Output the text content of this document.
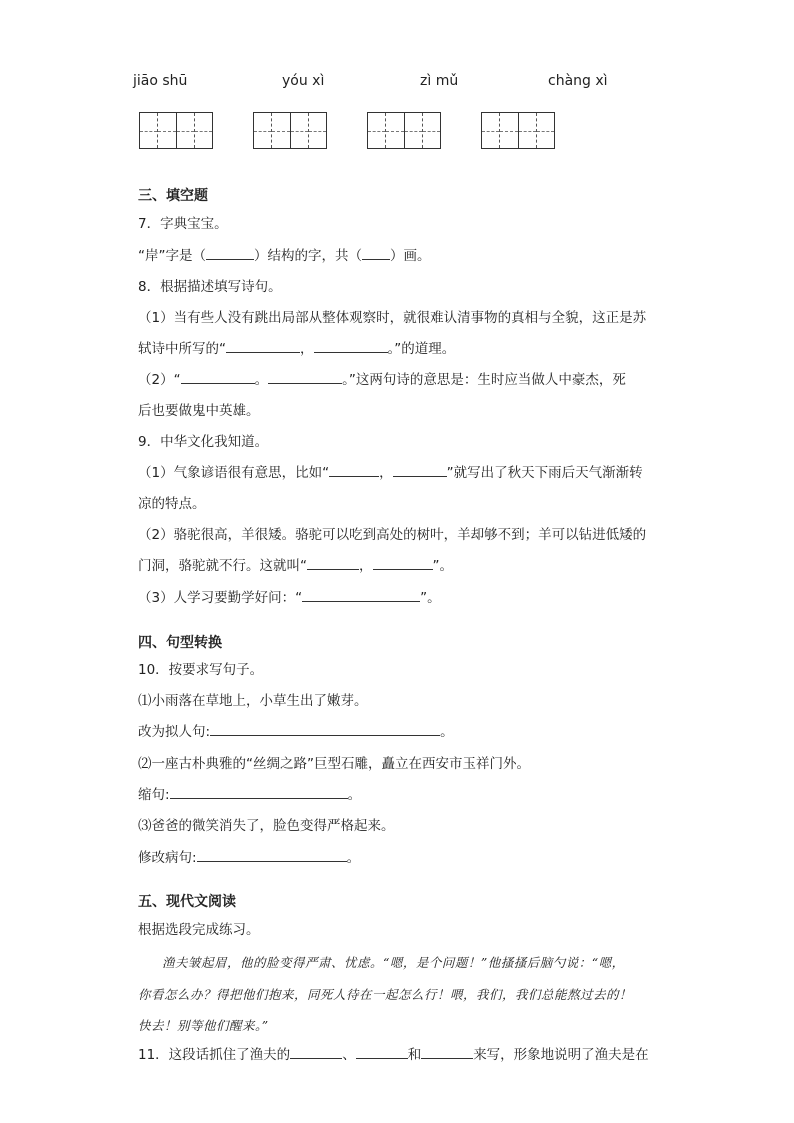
jiāo shū	yóu xì	zì mǔ	chàng xì
三、填空题
7．字典宝宝。
“岸”字是（	）结构的字，共（ ）画。
8．根据描述填写诗句。
（1）当有些人没有跳出局部从整体观察时，就很难认清事物的真相与全貌，这正是苏
轼诗中所写的“	，	。”的道理。
（2）“	。	。”这两句诗的意思是：生时应当做人中豪杰，死
后也要做鬼中英雄。
9．中华文化我知道。
（1）气象谚语很有意思，比如“	，	”就写出了秋天下雨后天气渐渐转
凉的特点。
（2）骆驼很高，羊很矮。骆驼可以吃到高处的树叶，羊却够不到；羊可以钻进低矮的
门洞，骆驼就不行。这就叫“	，	”。
（3）人学习要勤学好问：“	”。
四、句型转换
10．按要求写句子。
⑴小雨落在草地上，小草生出了嫩芽。
改为拟人句:	。
⑵一座古朴典雅的“丝绸之路”巨型石雕，矗立在西安市玉祥门外。
缩句:	。
⑶爸爸的微笑消失了，脸色变得严格起来。
修改病句:	。
五、现代文阅读
根据选段完成练习。
渔夫皱起眉，他的脸变得严肃、忧虑。“嗯，是个问题！”他搔搔后脑勺说：“嗯，
你看怎么办？得把他们抱来，同死人待在一起怎么行！喂，我们，我们总能熬过去的！
快去！别等他们醒来。”
11．这段话抓住了渔夫的	、	和	来写，形象地说明了渔夫是在
